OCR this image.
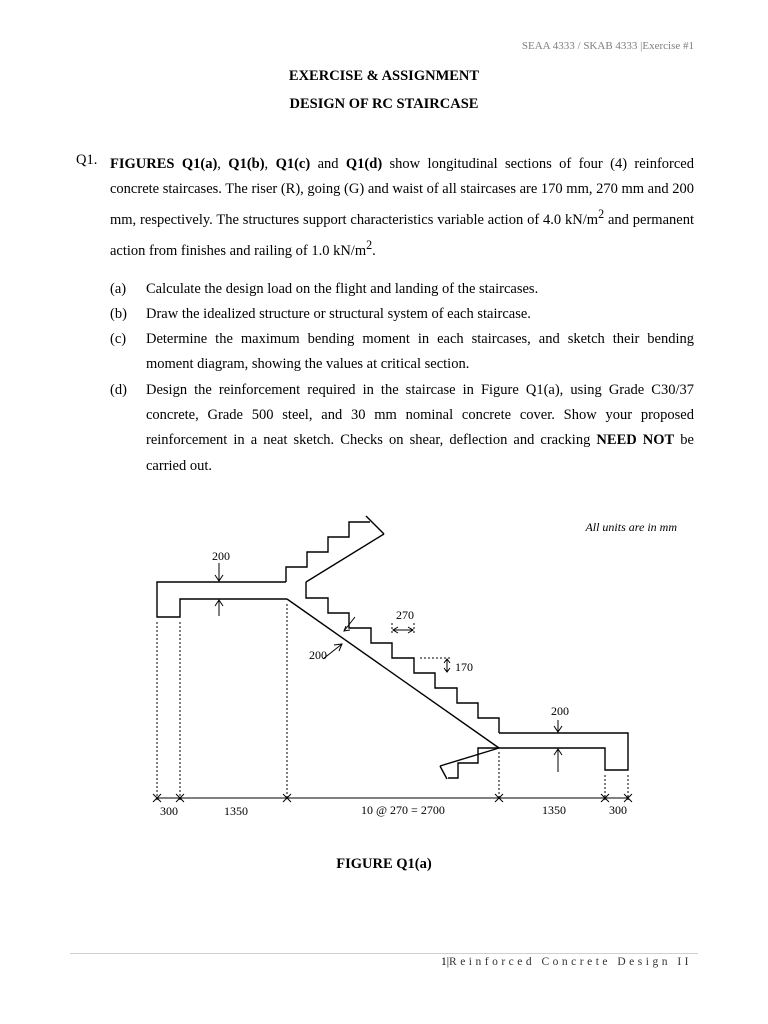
SEAA 4333 / SKAB 4333 |Exercise #1
EXERCISE & ASSIGNMENT
DESIGN OF RC STAIRCASE
Q1. FIGURES Q1(a), Q1(b), Q1(c) and Q1(d) show longitudinal sections of four (4) reinforced concrete staircases. The riser (R), going (G) and waist of all staircases are 170 mm, 270 mm and 200 mm, respectively. The structures support characteristics variable action of 4.0 $kN/m^2$ and permanent action from finishes and railing of 1.0 $kN/m^2$.
(a) Calculate the design load on the flight and landing of the staircases.
(b) Draw the idealized structure or structural system of each staircase.
(c) Determine the maximum bending moment in each staircases, and sketch their bending moment diagram, showing the values at critical section.
(d) Design the reinforcement required in the staircase in Figure Q1(a), using Grade C30/37 concrete, Grade 500 steel, and 30 mm nominal concrete cover. Show your proposed reinforcement in a neat sketch. Checks on shear, deflection and cracking NEED NOT be carried out.
All units are in mm
200
270
200
170
200
300	1350	10 @ 270 = 2700	1350	300
FIGURE Q1(a)
1|Reinforced Concrete Design II
